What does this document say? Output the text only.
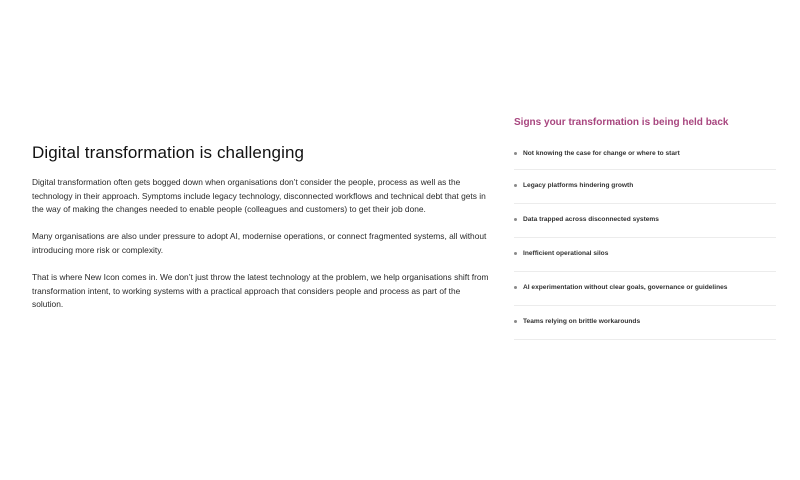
Digital transformation is challenging

Digital transformation often gets bogged down when organisations don’t consider the people, process as well as the technology in their approach. Symptoms include legacy technology, disconnected workflows and technical debt that gets in the way of making the changes needed to enable people (colleagues and customers) to get their job done.

Many organisations are also under pressure to adopt AI, modernise operations, or connect fragmented systems, all without introducing more risk or complexity.

That is where New Icon comes in. We don’t just throw the latest technology at the problem, we help organisations shift from transformation intent, to working systems with a practical approach that considers people and process as part of the solution.

Signs your transformation is being held back
Not knowing the case for change or where to start
Legacy platforms hindering growth
Data trapped across disconnected systems
Inefficient operational silos
AI experimentation without clear goals, governance or guidelines
Teams relying on brittle workarounds
